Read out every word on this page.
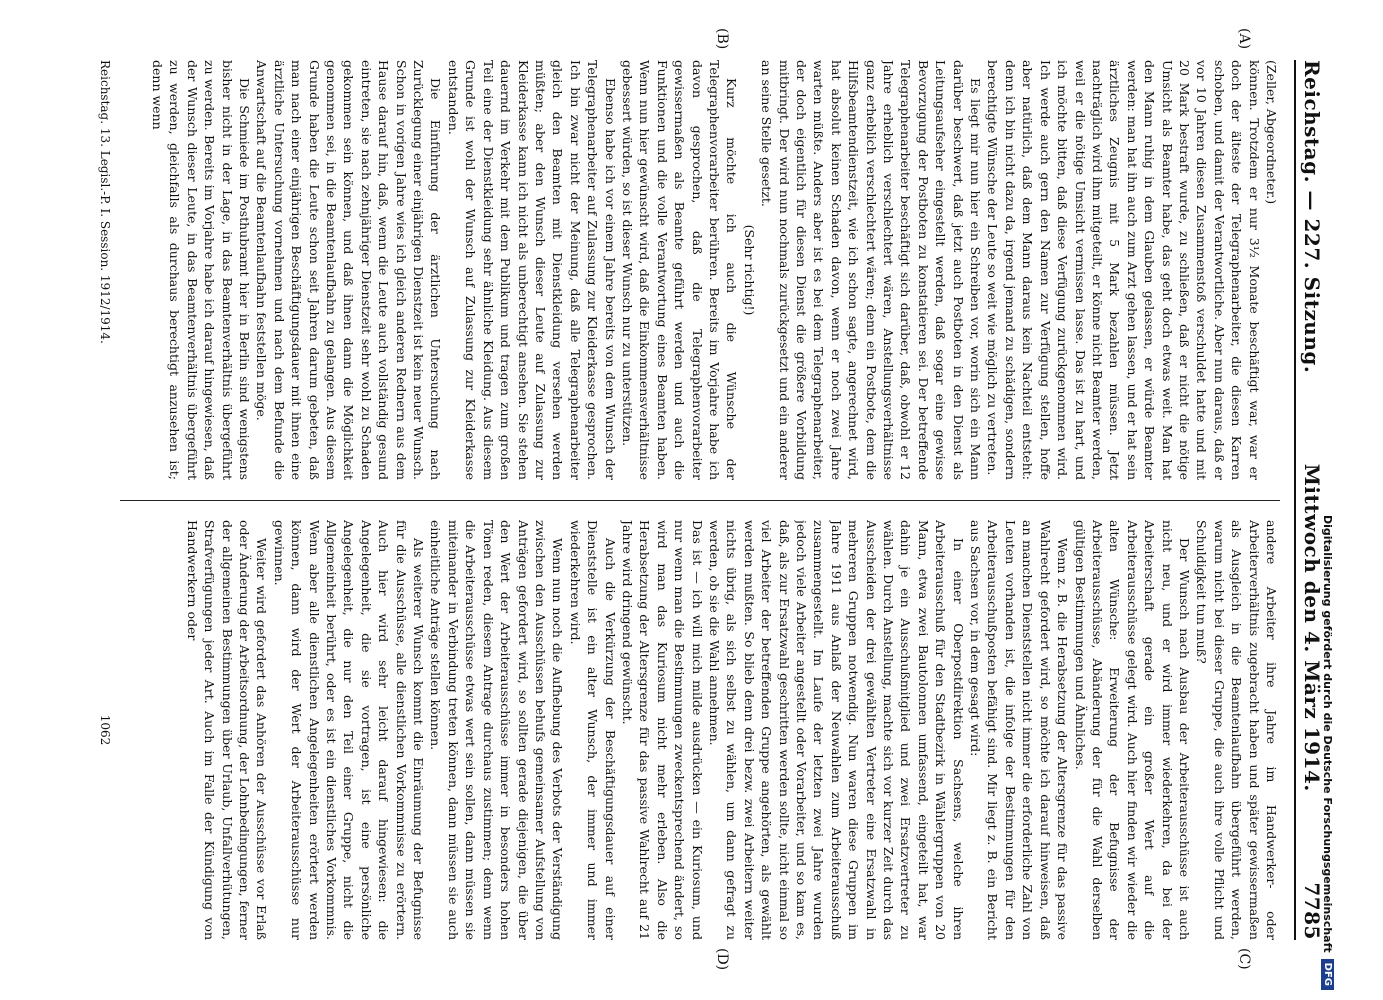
Reichstag. — 227. Sitzung.
Mittwoch den 4. März 1914.
7785
(A)
(B)
(C)
(D)

(Zeller, Abgeordneter.)

können. Trotzdem er nur 3½ Monate beschäftigt war, war er doch der älteste der Telegraphenarbeiter, die diesen Karren schoben, und damit der Verantwortliche. Aber nun daraus, daß er vor 10 Jahren diesen Zusammenstoß verschuldet hatte und mit 20 Mark bestraft wurde, zu schließen, daß er nicht die nötige Umsicht als Beamter habe, das geht doch etwas weit. Man hat den Mann ruhig in dem Glauben gelassen, er würde Beamter werden: man hat ihn auch zum Arzt gehen lassen, und er hat sein ärztliches Zeugnis mit 5 Mark bezahlen müssen. Jetzt nachträglich wird ihm mitgeteilt, er könne nicht Beamter werden, weil er die nötige Umsicht vermissen lasse. Das ist zu hart, und ich möchte bitten, daß diese Verfügung zurückgenommen wird. Ich werde auch gern den Namen zur Verfügung stellen, hoffe aber natürlich, daß dem Mann daraus kein Nachteil entsteht: denn ich bin nicht dazu da, irgend jemand zu schädigen, sondern berechtigte Wünsche der Leute so weit wie möglich zu vertreten.

Es liegt mir nun hier ein Schreiben vor, worin sich ein Mann darüber beschwert, daß jetzt auch Postboten in den Dienst als Leitungsaufseher eingestellt werden, daß sogar eine gewisse Bevorzugung der Postboten zu konstatieren sei. Der betreffende Telegraphenarbeiter beschäftigt sich darüber, daß, obwohl er 12 Jahre erheblich verschlechtert wären, Anstellungsverhältnisse ganz erheblich verschlechtert wären; denn ein Postbote, dem die Hilfsbeamtendienstzeit, wie ich schon sagte, angerechnet wird, hat absolut keinen Schaden davon, wenn er noch zwei Jahre warten müßte. Anders aber ist es bei dem Telegraphenarbeiter, der doch eigentlich für diesen Dienst die größere Vorbildung mitbringt. Der wird nun nochmals zurückgesetzt und ein anderer an seine Stelle gesetzt.

(Sehr richtig!)

Kurz möchte ich auch die Wünsche der Telegraphenvorarbeiter berühren. Bereits im Vorjahre habe ich davon gesprochen, daß die Telegraphenvorarbeiter gewissermaßen als Beamte geführt werden und auch die Funktionen und die volle Verantwortung eines Beamten haben. Wenn nun hier gewünscht wird, daß die Einkommensverhältnisse gebessert würden, so ist dieser Wunsch nur zu unterstützen.

Ebenso habe ich vor einem Jahre bereits von dem Wunsch der Telegraphenarbeiter auf Zulassung zur Kleiderkasse gesprochen. Ich bin zwar nicht der Meinung, daß alle Telegraphenarbeiter gleich den Beamten mit Dienstkleidung versehen werden müßten; aber den Wunsch dieser Leute auf Zulassung zur Kleiderkasse kann ich nicht als unberechtigt ansehen. Sie stehen dauernd im Verkehr mit dem Publikum und tragen zum großen Teil eine der Dienstkleidung sehr ähnliche Kleidung. Aus diesem Grunde ist wohl der Wunsch auf Zulassung zur Kleiderkasse entstanden.

Die Einführung der ärztlichen Untersuchung nach Zurücklegung einer einjährigen Dienstzeit ist kein neuer Wunsch. Schon in vorigen Jahre wies ich gleich anderen Rednern aus dem Hause darauf hin, daß, wenn die Leute auch vollständig gesund eintreten, sie nach zehnjähriger Dienstzeit sehr wohl zu Schaden gekommen sein können, und daß ihnen dann die Möglichkeit genommen sei, in die Beamtenlaufbahn zu gelangen. Aus diesem Grunde haben die Leute schon seit Jahren darum gebeten, daß man nach einer einjährigen Beschäftigungsdauer mit ihnen eine ärztliche Untersuchung vornehmen und nach dem Befunde die Anwartschaft auf die Beamtenlaufbahn feststellen möge.

Die Schmiede im Posthubramt hier in Berlin sind wenigstens bisher nicht in der Lage, in das Beamtenverhältnis übergeführt zu werden. Bereits im Vorjahre habe ich darauf hingewiesen, daß der Wunsch dieser Leute, in das Beamtenverhältnis übergeführt zu werden, gleichfalls als durchaus berechtigt anzusehen ist; denn wenn

andere Arbeiter ihre Jahre im Handwerker- oder Arbeiterverhältnis zugebracht haben und später gewissermaßen als Ausgleich in die Beamtenlaufbahn übergeführt werden, warum nicht bei dieser Gruppe, die auch ihre volle Pflicht und Schuldigkeit tun muß?

Der Wunsch nach Ausbau der Arbeiterausschüsse ist auch nicht neu, und er wird immer wiederkehren, da bei der Arbeiterschaft gerade ein großer Wert auf die Arbeiterausschüsse gelegt wird. Auch hier finden wir wieder die alten Wünsche: Erweiterung der Befugnisse der Arbeiterausschüsse, Abänderung der für die Wahl derselben gültigen Bestimmungen und Ähnliches.

Wenn z. B. die Herabsetzung der Altersgrenze für das passive Wahlrecht gefordert wird, so möchte ich darauf hinweisen, daß an manchen Dienststellen nicht immer die erforderliche Zahl von Leuten vorhanden ist, die infolge der Bestimmungen für den Arbeiterausschußposten befähigt sind. Mir liegt z. B. ein Bericht aus Sachsen vor, in dem gesagt wird:

In einer Oberpostdirektion Sachsens, welche ihren Arbeiterausschuß für den Stadtbezirk in Wählergruppen von 20 Mann, etwa zwei Bautolonnen umfassend, eingeteilt hat, war dahin je ein Ausschußmitglied und zwei Ersatzvertreter zu wählen. Durch Anstellung, machte sich vor kurzer Zeit durch das Ausscheiden der drei gewählten Vertreter eine Ersatzwahl in mehreren Gruppen notwendig. Nun waren diese Gruppen im Jahre 1911 aus Anlaß der Neuwahlen zum Arbeiterausschuß zusammengestellt. Im Laufe der letzten zwei Jahre wurden jedoch viele Arbeiter angestellt oder Vorarbeiter, und so kam es, daß, als zur Ersatzwahl geschritten werden sollte, nicht einmal so viel Arbeiter der betreffenden Gruppe angehörten, als gewählt werden mußten. So blieb denn drei bezw. zwei Arbeitern weiter nichts übrig, als sich selbst zu wählen, um dann gefragt zu werden, ob sie die Wahl annehmen.

Das ist — ich will mich milde ausdrücken — ein Kuriosum, und nur wenn man die Bestimmungen zweckentsprechend ändert, so wird man das Kuriosum nicht mehr erleben. Also die Herabsetzung der Altersgrenze für das passive Wahlrecht auf 21 Jahre wird dringend gewünscht.

Auch die Verkürzung der Beschäftigungsdauer auf einer Dienststelle ist ein alter Wunsch, der immer und immer wiederkehren wird.

Wenn nun noch die Aufhebung des Verbots der Verständigung zwischen den Ausschüssen behufs gemeinsamer Aufstellung von Anträgen gefordert wird, so sollten gerade diejenigen, die über den Wert der Arbeiterausschüsse immer in besonders hohen Tönen reden, diesem Antrage durchaus zustimmen; denn wenn die Arbeiterausschüsse etwas wert sein sollen, dann müssen sie miteinander in Verbindung treten können, dann müssen sie auch einheitliche Anträge stellen können.

Als weiterer Wunsch kommt die Einräumung der Befugnisse für die Ausschüsse, alle dienstlichen Vorkommnisse zu erörtern. Auch hier wird sehr leicht darauf hingewiesen: die Angelegenheit, die sie vortragen, ist eine persönliche Angelegenheit, die nur den Teil einer Gruppe, nicht die Allgemeinheit berührt, oder es ist ein dienstliches Vorkommnis. Wenn aber alle dienstlichen Angelegenheiten erörtert werden können, dann wird der Wert der Arbeiterausschüsse nur gewinnen.

Weiter wird gefordert das Anhören der Ausschüsse vor Erlaß oder Änderung der Arbeitsordnung, der Lohnbedingungen, ferner der allgemeinen Bestimmungen über Urlaub, Unfallverhütungen, Strafverfügungen jeder Art. Auch im Falle der Kündigung von Handwerkern oder

Reichstag. 13. Legisl.-P. I. Session. 1912/1914.
1062	Digitalisierung gefördert durch die Deutsche Forschungsgemeinschaft
DFG
